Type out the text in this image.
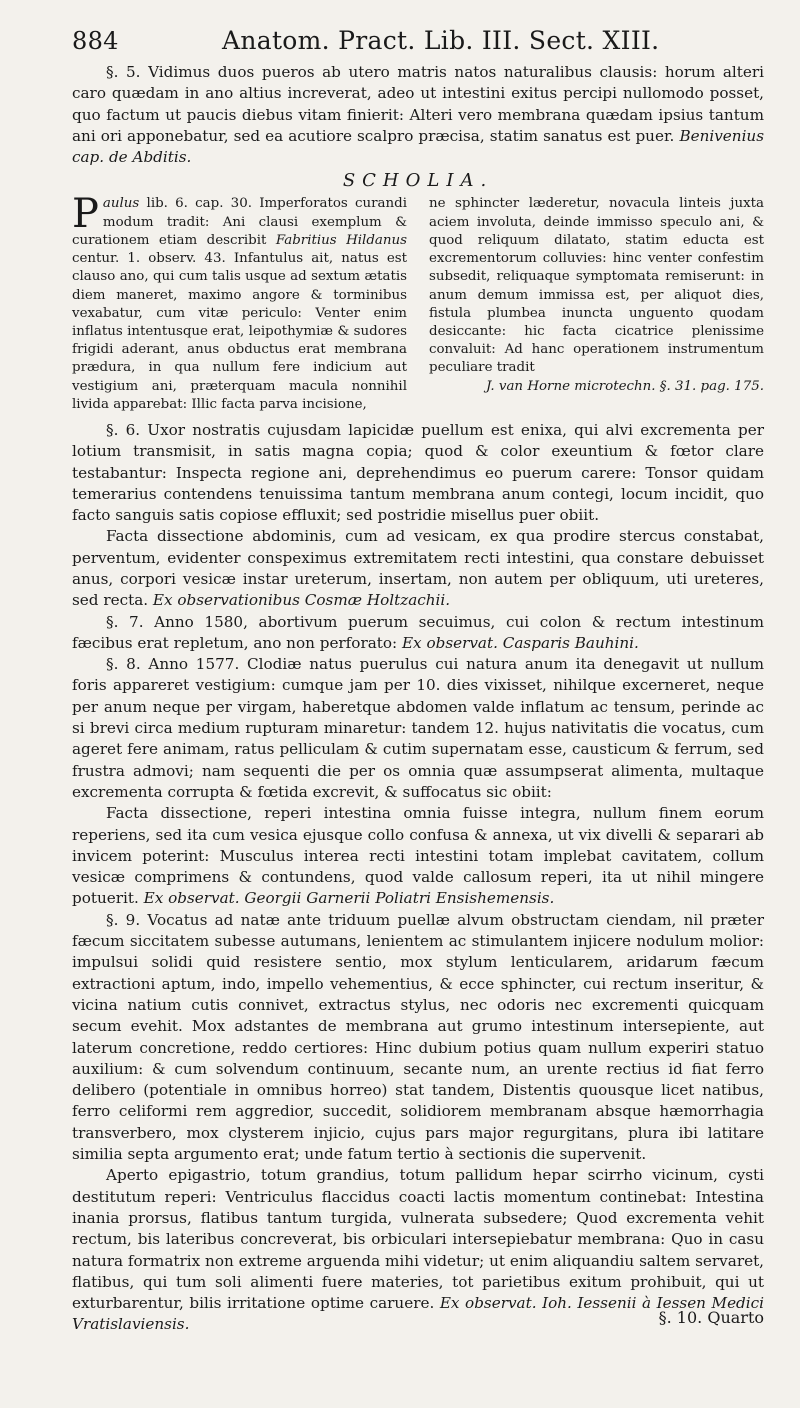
884	Anatom. Pract. Lib. III. Sect. XIII.

§. 5. Vidimus duos pueros ab utero matris natos naturalibus clausis: horum alteri caro quædam in ano altius increverat, adeo ut intestini exitus percipi nullomodo posset, quo factum ut paucis diebus vitam finierit: Alteri vero membrana quædam ipsius tantum ani ori apponebatur, sed ea acutiore scalpro præcisa, statim sanatus est puer. Benivenius cap. de Abditis.

SCHOLIA.

Paulus lib. 6. cap. 30. Imperforatos curandi modum tradit: Ani clausi exemplum & curationem etiam describit Fabritius Hildanus centur. 1. observ. 43. Infantulus ait, natus est clauso ano, qui cum talis usque ad sextum ætatis diem maneret, maximo angore & torminibus vexabatur, cum vitæ periculo: Venter enim inflatus intentusque erat, leipothymiæ & sudores frigidi aderant, anus obductus erat membrana prædura, in qua nullum fere indicium aut vestigium ani, præterquam macula nonnihil livida apparebat: Illic facta parva incisione,

ne sphincter læderetur, novacula linteis juxta aciem involuta, deinde immisso speculo ani, & quod reliquum dilatato, statim educta est excrementorum colluvies: hinc venter confestim subsedit, reliquaque symptomata remiserunt: in anum demum immissa est, per aliquot dies, fistula plumbea inuncta unguento quodam desiccante: hic facta cicatrice plenissime convaluit: Ad hanc operationem instrumentum peculiare tradit

J. van Horne microtechn. §. 31. pag. 175.

§. 6. Uxor nostratis cujusdam lapicidæ puellum est enixa, qui alvi excrementa per lotium transmisit, in satis magna copia; quod & color exeuntium & fœtor clare testabantur: Inspecta regione ani, deprehendimus eo puerum carere: Tonsor quidam temerarius contendens tenuissima tantum membrana anum contegi, locum incidit, quo facto sanguis satis copiose effluxit; sed postridie misellus puer obiit.

Facta dissectione abdominis, cum ad vesicam, ex qua prodire stercus constabat, perventum, evidenter conspeximus extremitatem recti intestini, qua constare debuisset anus, corpori vesicæ instar ureterum, insertam, non autem per obliquum, uti ureteres, sed recta. Ex observationibus Cosmæ Holtzachii.

§. 7. Anno 1580, abortivum puerum secuimus, cui colon & rectum intestinum fæcibus erat repletum, ano non perforato: Ex observat. Casparis Bauhini.

§. 8. Anno 1577. Clodiæ natus puerulus cui natura anum ita denegavit ut nullum foris appareret vestigium: cumque jam per 10. dies vixisset, nihilque excerneret, neque per anum neque per virgam, haberetque abdomen valde inflatum ac tensum, perinde ac si brevi circa medium rupturam minaretur: tandem 12. hujus nativitatis die vocatus, cum ageret fere animam, ratus pelliculam & cutim supernatam esse, causticum & ferrum, sed frustra admovi; nam sequenti die per os omnia quæ assumpserat alimenta, multaque excrementa corrupta & fœtida excrevit, & suffocatus sic obiit:

Facta dissectione, reperi intestina omnia fuisse integra, nullum finem eorum reperiens, sed ita cum vesica ejusque collo confusa & annexa, ut vix divelli & separari ab invicem poterint: Musculus interea recti intestini totam implebat cavitatem, collum vesicæ comprimens & contundens, quod valde callosum reperi, ita ut nihil mingere potuerit. Ex observat. Georgii Garnerii Poliatri Ensishemensis.

§. 9. Vocatus ad natæ ante triduum puellæ alvum obstructam ciendam, nil præter fæcum siccitatem subesse autumans, lenientem ac stimulantem injicere nodulum molior: impulsui solidi quid resistere sentio, mox stylum lenticularem, aridarum fæcum extractioni aptum, indo, impello vehementius, & ecce sphincter, cui rectum inseritur, & vicina natium cutis connivet, extractus stylus, nec odoris nec excrementi quicquam secum evehit. Mox adstantes de membrana aut grumo intestinum intersepiente, aut laterum concretione, reddo certiores: Hinc dubium potius quam nullum experiri statuo auxilium: & cum solvendum continuum, secante num, an urente rectius id fiat ferro delibero (potentiale in omnibus horreo) stat tandem, Distentis quousque licet natibus, ferro celiformi rem aggredior, succedit, solidiorem membranam absque hæmorrhagia transverbero, mox clysterem injicio, cujus pars major regurgitans, plura ibi latitare similia septa argumento erat; unde fatum tertio à sectionis die supervenit.

Aperto epigastrio, totum grandius, totum pallidum hepar scirrho vicinum, cysti destitutum reperi: Ventriculus flaccidus coacti lactis momentum continebat: Intestina inania prorsus, flatibus tantum turgida, vulnerata subsedere; Quod excrementa vehit rectum, bis lateribus concreverat, bis orbiculari intersepiebatur membrana: Quo in casu natura formatrix non extreme arguenda mihi videtur; ut enim aliquandiu saltem servaret, flatibus, qui tum soli alimenti fuere materies, tot parietibus exitum prohibuit, qui ut exturbarentur, bilis irritatione optime caruere. Ex observat. Ioh. Iessenii à Iessen Medici Vratislaviensis.	§. 10. Quarto
